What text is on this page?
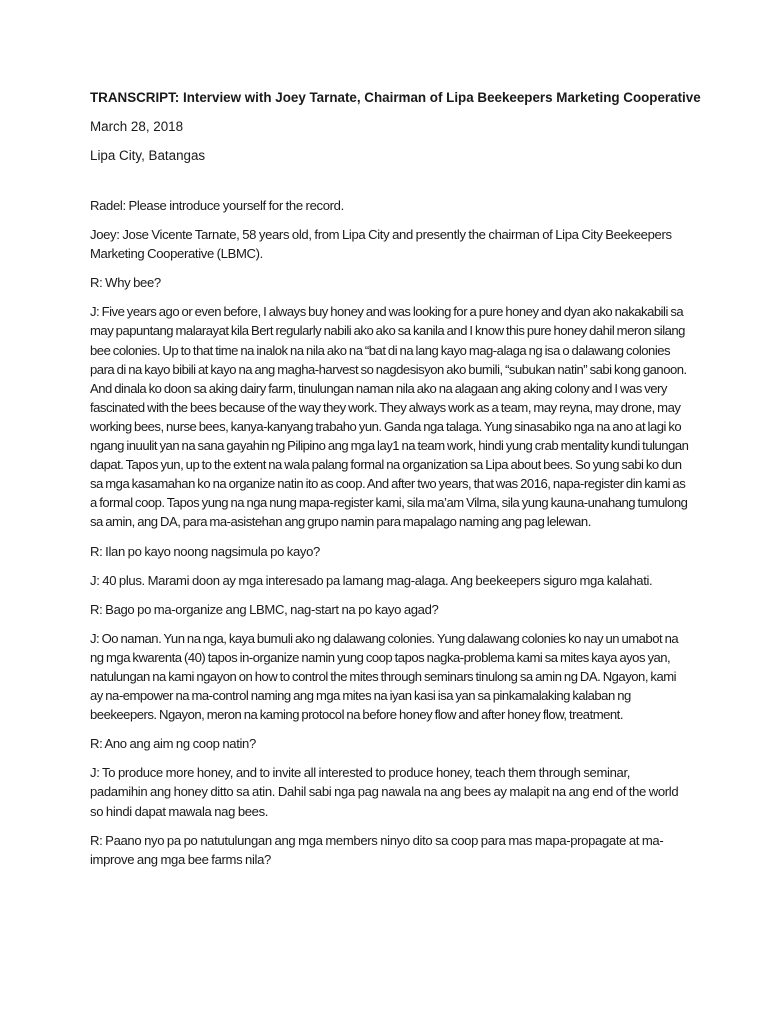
TRANSCRIPT: Interview with Joey Tarnate, Chairman of Lipa Beekeepers Marketing Cooperative
March 28, 2018
Lipa City, Batangas

Radel: Please introduce yourself for the record.

Joey: Jose Vicente Tarnate, 58 years old, from Lipa City and presently the chairman of Lipa City Beekeepers Marketing Cooperative (LBMC).

R: Why bee?

J: Five years ago or even before, I always buy honey and was looking for a pure honey and dyan ako nakakabili sa may papuntang malarayat kila Bert regularly nabili ako ako sa kanila and I know this pure honey dahil meron silang bee colonies. Up to that time na inalok na nila ako na “bat di na lang kayo mag-alaga ng isa o dalawang colonies para di na kayo bibili at kayo na ang magha-harvest so nagdesisyon ako bumili, “subukan natin” sabi kong ganoon. And dinala ko doon sa aking dairy farm, tinulungan naman nila ako na alagaan ang aking colony and I was very fascinated with the bees because of the way they work. They always work as a team, may reyna, may drone, may working bees, nurse bees, kanya-kanyang trabaho yun. Ganda nga talaga. Yung sinasabiko nga na ano at lagi ko ngang inuulit yan na sana gayahin ng Pilipino ang mga lay1 na team work, hindi yung crab mentality kundi tulungan dapat. Tapos yun, up to the extent na wala palang formal na organization sa Lipa about bees. So yung sabi ko dun sa mga kasamahan ko na organize natin ito as coop. And after two years, that was 2016, napa-register din kami as a formal coop. Tapos yung na nga nung mapa-register kami, sila ma’am Vilma, sila yung kauna-unahang tumulong sa amin, ang DA, para ma-asistehan ang grupo namin para mapalago naming ang pag lelewan.

R: Ilan po kayo noong nagsimula po kayo?

J: 40 plus. Marami doon ay mga interesado pa lamang mag-alaga. Ang beekeepers siguro mga kalahati.

R: Bago po ma-organize ang LBMC, nag-start na po kayo agad?

J: Oo naman. Yun na nga, kaya bumuli ako ng dalawang colonies. Yung dalawang colonies ko nay un umabot na ng mga kwarenta (40) tapos in-organize namin yung coop tapos nagka-problema kami sa mites kaya ayos yan, natulungan na kami ngayon on how to control the mites through seminars tinulong sa amin ng DA. Ngayon, kami ay na-empower na ma-control naming ang mga mites na iyan kasi isa yan sa pinkamalaking kalaban ng beekeepers. Ngayon, meron na kaming protocol na before honey flow and after honey flow, treatment.

R: Ano ang aim ng coop natin?

J: To produce more honey, and to invite all interested to produce honey, teach them through seminar, padamihin ang honey ditto sa atin. Dahil sabi nga pag nawala na ang bees ay malapit na ang end of the world so hindi dapat mawala nag bees.

R: Paano nyo pa po natutulungan ang mga members ninyo dito sa coop para mas mapa-propagate at ma-improve ang mga bee farms nila?
